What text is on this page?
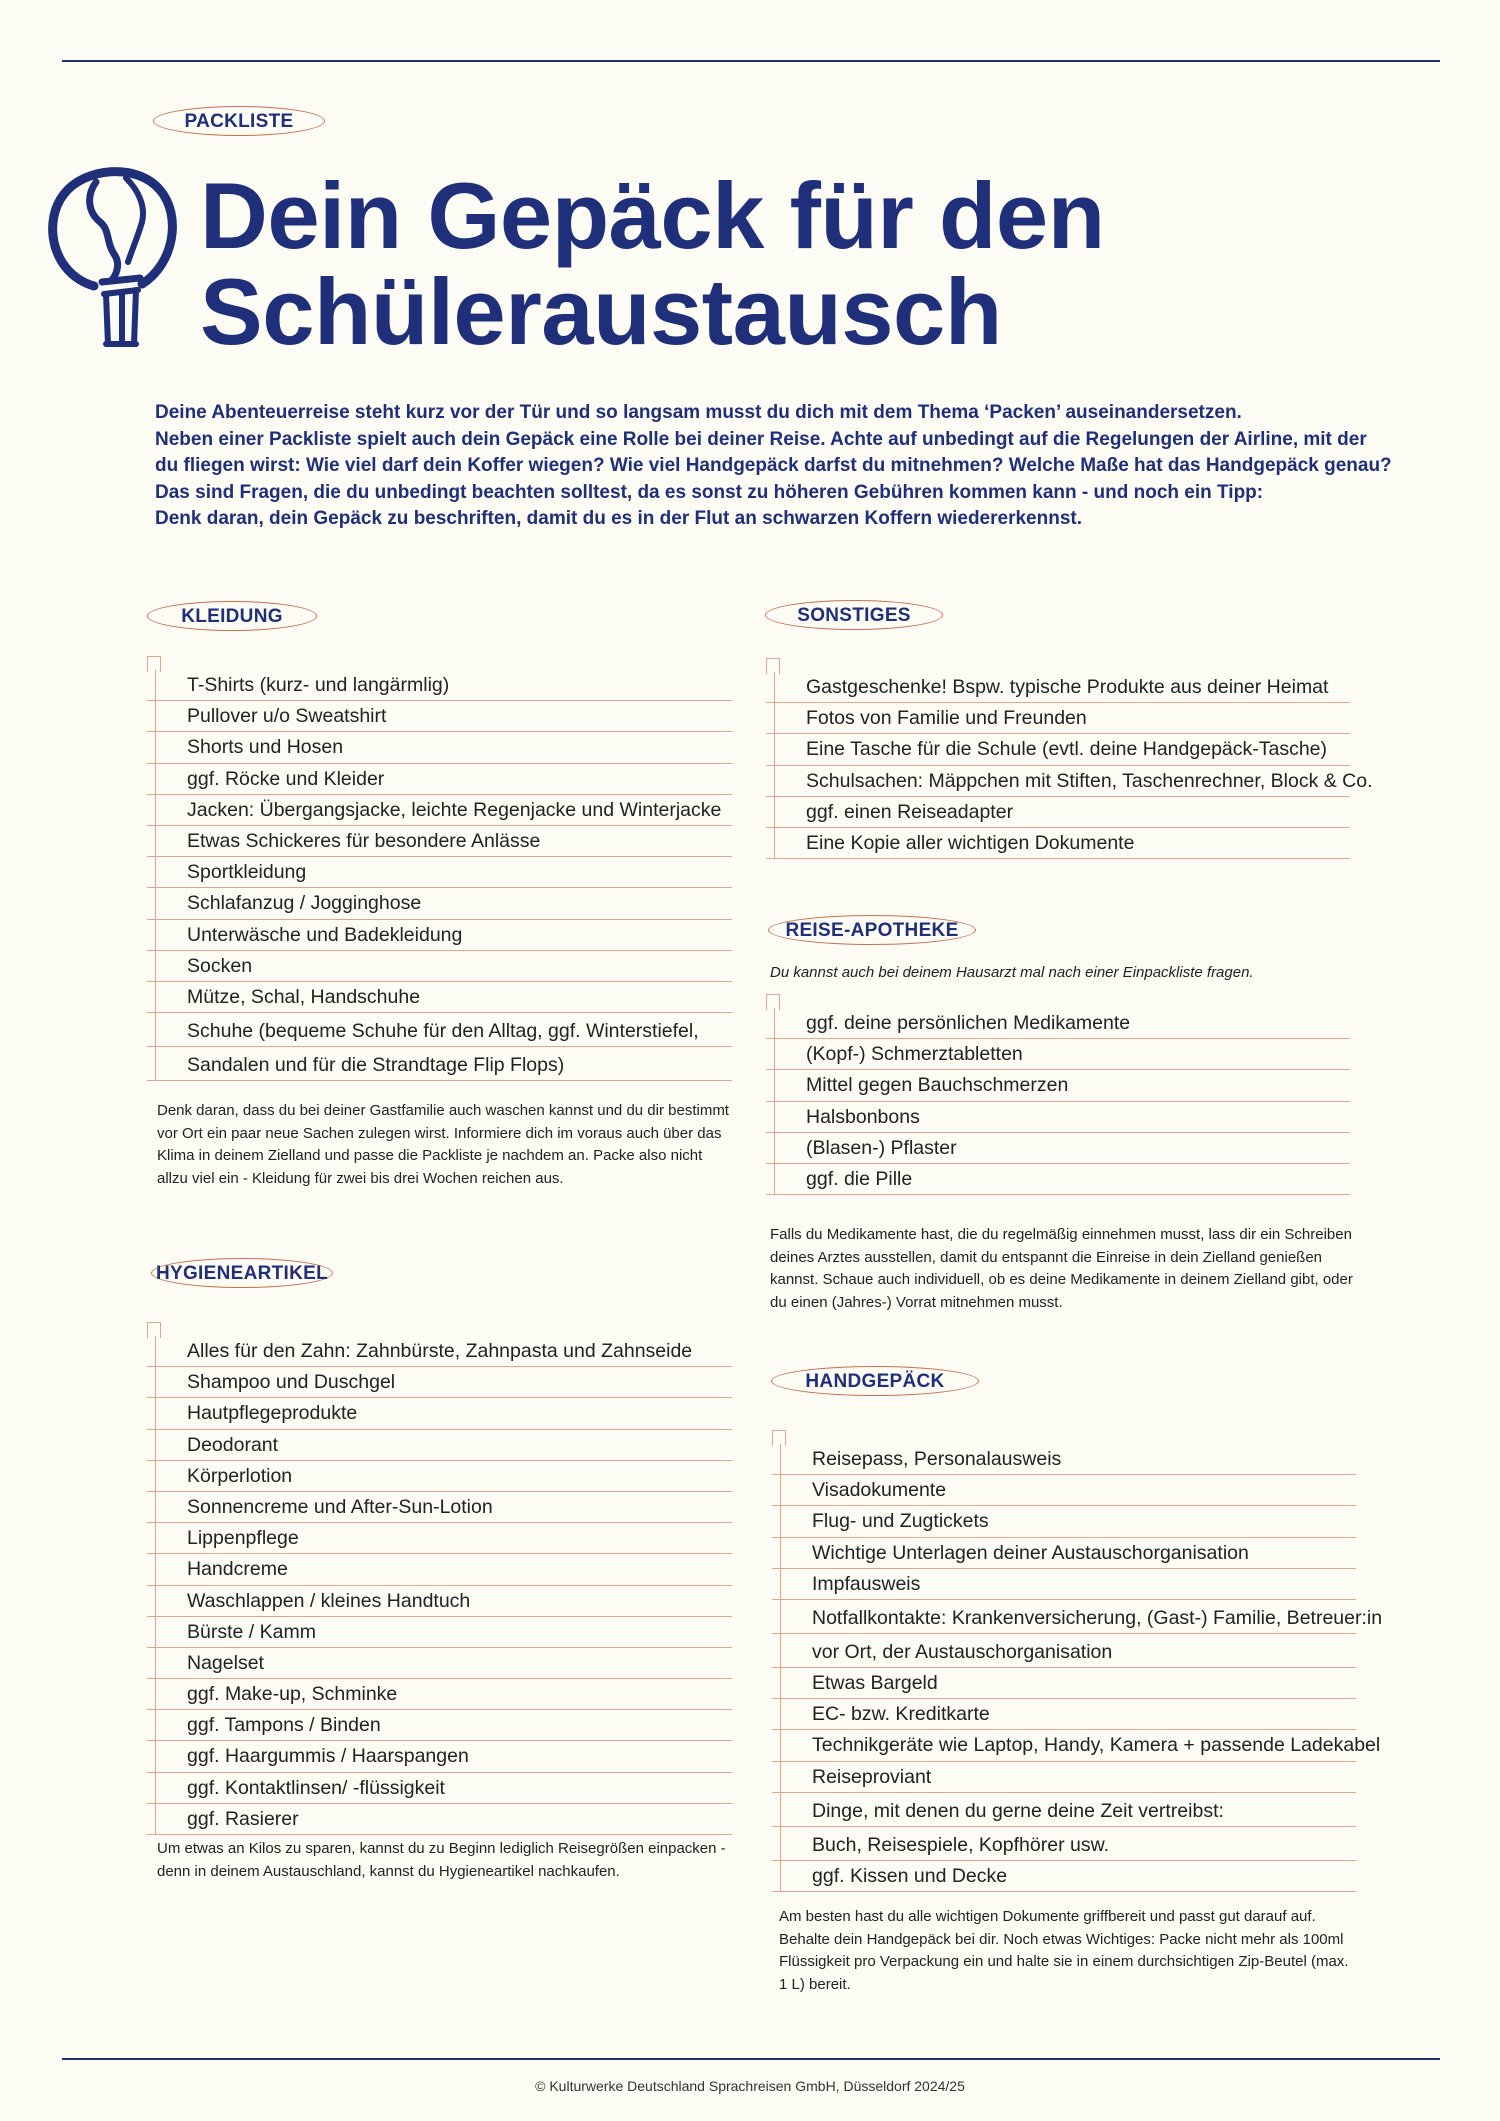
PACKLISTE
Dein Gepäck für den
Schüleraustausch

Deine Abenteuerreise steht kurz vor der Tür und so langsam musst du dich mit dem Thema ‘Packen’ auseinandersetzen.

Neben einer Packliste spielt auch dein Gepäck eine Rolle bei deiner Reise. Achte auf unbedingt auf die Regelungen der Airline, mit der du fliegen wirst: Wie viel darf dein Koffer wiegen? Wie viel Handgepäck darfst du mitnehmen? Welche Maße hat das Handgepäck genau?

Das sind Fragen, die du unbedingt beachten solltest, da es sonst zu höheren Gebühren kommen kann - und noch ein Tipp:

Denk daran, dein Gepäck zu beschriften, damit du es in der Flut an schwarzen Koffern wiedererkennst.

KLEIDUNG
T-Shirts (kurz- und langärmlig)
Pullover u/o Sweatshirt
Shorts und Hosen
ggf. Röcke und Kleider
Jacken: Übergangsjacke, leichte Regenjacke und Winterjacke
Etwas Schickeres für besondere Anlässe
Sportkleidung
Schlafanzug / Jogginghose
Unterwäsche und Badekleidung
Socken
Mütze, Schal, Handschuhe
Schuhe (bequeme Schuhe für den Alltag, ggf. Winterstiefel,
Sandalen und für die Strandtage Flip Flops)

Denk daran, dass du bei deiner Gastfamilie auch waschen kannst und du dir bestimmt vor Ort ein paar neue Sachen zulegen wirst. Informiere dich im voraus auch über das Klima in deinem Zielland und passe die Packliste je nachdem an. Packe also nicht allzu viel ein - Kleidung für zwei bis drei Wochen reichen aus.

HYGIENEARTIKEL
Alles für den Zahn: Zahnbürste, Zahnpasta und Zahnseide
Shampoo und Duschgel
Hautpflegeprodukte
Deodorant
Körperlotion
Sonnencreme und After-Sun-Lotion
Lippenpflege
Handcreme
Waschlappen / kleines Handtuch
Bürste / Kamm
Nagelset
ggf. Make-up, Schminke
ggf. Tampons / Binden
ggf. Haargummis / Haarspangen
ggf. Kontaktlinsen/ -flüssigkeit
ggf. Rasierer

Um etwas an Kilos zu sparen, kannst du zu Beginn lediglich Reisegrößen einpacken - denn in deinem Austauschland, kannst du Hygieneartikel nachkaufen.

SONSTIGES
Gastgeschenke! Bspw. typische Produkte aus deiner Heimat
Fotos von Familie und Freunden
Eine Tasche für die Schule (evtl. deine Handgepäck-Tasche)
Schulsachen: Mäppchen mit Stiften, Taschenrechner, Block & Co.
ggf. einen Reiseadapter
Eine Kopie aller wichtigen Dokumente
REISE-APOTHEKE

Du kannst auch bei deinem Hausarzt mal nach einer Einpackliste fragen.

ggf. deine persönlichen Medikamente
(Kopf-) Schmerztabletten
Mittel gegen Bauchschmerzen
Halsbonbons
(Blasen-) Pflaster
ggf. die Pille

Falls du Medikamente hast, die du regelmäßig einnehmen musst, lass dir ein Schreiben deines Arztes ausstellen, damit du entspannt die Einreise in dein Zielland genießen kannst. Schaue auch individuell, ob es deine Medikamente in deinem Zielland gibt, oder du einen (Jahres-) Vorrat mitnehmen musst.

HANDGEPÄCK
Reisepass, Personalausweis
Visadokumente
Flug- und Zugtickets
Wichtige Unterlagen deiner Austauschorganisation
Impfausweis
Notfallkontakte: Krankenversicherung, (Gast-) Familie, Betreuer:in
vor Ort, der Austauschorganisation
Etwas Bargeld
EC- bzw. Kreditkarte
Technikgeräte wie Laptop, Handy, Kamera + passende Ladekabel
Reiseproviant
Dinge, mit denen du gerne deine Zeit vertreibst:
Buch, Reisespiele, Kopfhörer usw.
ggf. Kissen und Decke

Am besten hast du alle wichtigen Dokumente griffbereit und passt gut darauf auf. Behalte dein Handgepäck bei dir. Noch etwas Wichtiges: Packe nicht mehr als 100ml Flüssigkeit pro Verpackung ein und halte sie in einem durchsichtigen Zip-Beutel (max. 1 L) bereit.

© Kulturwerke Deutschland Sprachreisen GmbH, Düsseldorf 2024/25
